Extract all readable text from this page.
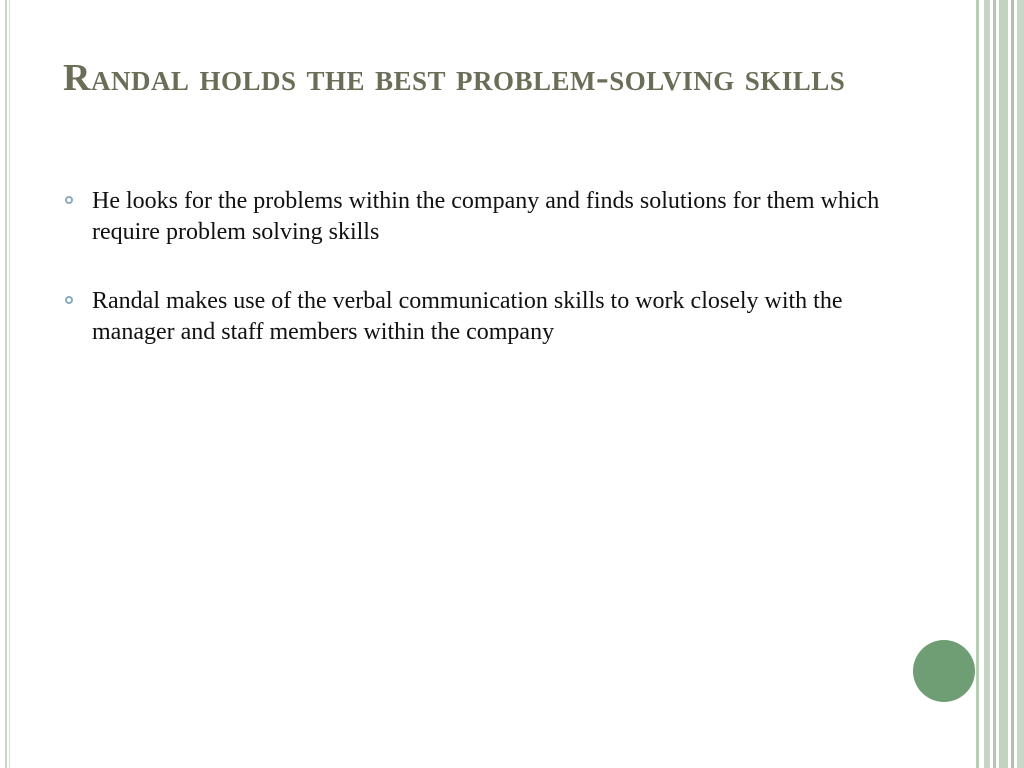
Randal holds the best problem-solving skills
He looks for the problems within the company and finds solutions for them which require problem solving skills
Randal makes use of the verbal communication skills to work closely with the manager and staff members within the company
